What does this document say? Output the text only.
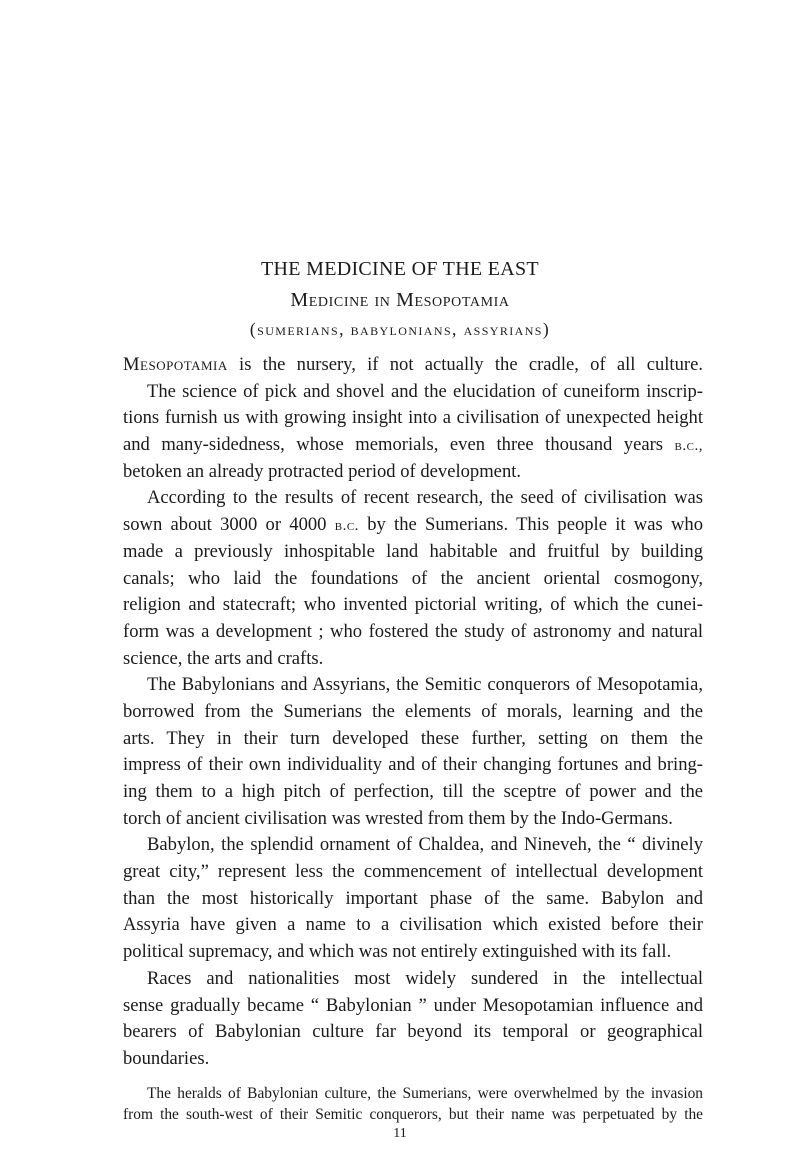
THE MEDICINE OF THE EAST
Medicine in Mesopotamia
(sumerians, babylonians, assyrians)
Mesopotamia is the nursery, if not actually the cradle, of all culture.
The science of pick and shovel and the elucidation of cuneiform inscrip-
tions furnish us with growing insight into a civilisation of unexpected height
and many-sidedness, whose memorials, even three thousand years b.c.,
betoken an already protracted period of development.
According to the results of recent research, the seed of civilisation was
sown about 3000 or 4000 b.c. by the Sumerians. This people it was who
made a previously inhospitable land habitable and fruitful by building
canals; who laid the foundations of the ancient oriental cosmogony,
religion and statecraft; who invented pictorial writing, of which the cunei-
form was a development ; who fostered the study of astronomy and natural
science, the arts and crafts.
The Babylonians and Assyrians, the Semitic conquerors of Mesopotamia,
borrowed from the Sumerians the elements of morals, learning and the
arts. They in their turn developed these further, setting on them the
impress of their own individuality and of their changing fortunes and bring-
ing them to a high pitch of perfection, till the sceptre of power and the
torch of ancient civilisation was wrested from them by the Indo-Germans.
Babylon, the splendid ornament of Chaldea, and Nineveh, the “ divinely
great city,” represent less the commencement of intellectual development
than the most historically important phase of the same. Babylon and
Assyria have given a name to a civilisation which existed before their
political supremacy, and which was not entirely extinguished with its fall.
Races and nationalities most widely sundered in the intellectual
sense gradually became “ Babylonian ” under Mesopotamian influence and
bearers of Babylonian culture far beyond its temporal or geographical
boundaries.
The heralds of Babylonian culture, the Sumerians, were overwhelmed by the invasion
from the south-west of their Semitic conquerors, but their name was perpetuated by the
11
